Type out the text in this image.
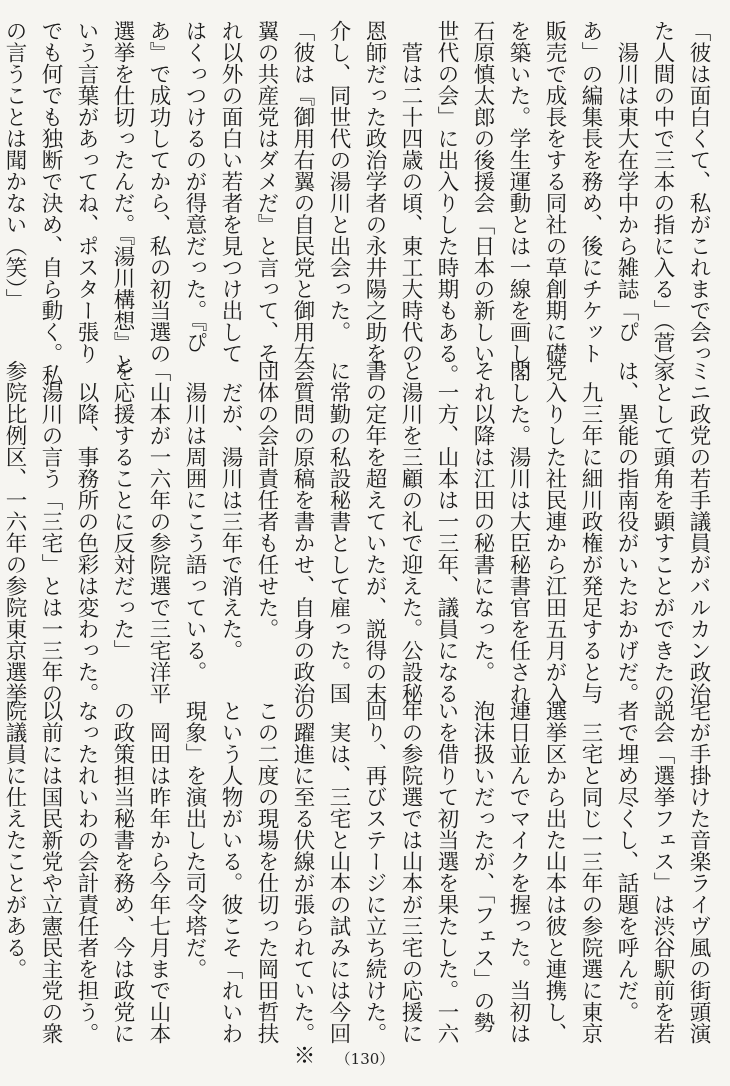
「彼は面白くて、私がこれまで会っ
た人間の中で三本の指に入る」（菅）
　湯川は東大在学中から雑誌「ぴ
あ」の編集長を務め、後にチケット
販売で成長をする同社の草創期に礎
を築いた。学生運動とは一線を画し、
石原慎太郎の後援会「日本の新しい
世代の会」に出入りした時期もある。
　菅は二十四歳の頃、東工大時代の
恩師だった政治学者の永井陽之助を
介し、同世代の湯川と出会った。
「彼は『御用右翼の自民党と御用左
翼の共産党はダメだ』と言って、そ
れ以外の面白い若者を見つけ出して
はくっつけるのが得意だった。『ぴ
あ』で成功してから、私の初当選の
選挙を仕切ったんだ。『湯川構想』と
いう言葉があってね、ポスター張り
でも何でも独断で決め、自ら動く。私
の言うことは聞かない（笑）」
ミニ政党の若手議員がバルカン政治
家として頭角を顕すことができたの
は、異能の指南役がいたおかげだ。
　九三年に細川政権が発足すると与
党入りした社民連から江田五月が入
閣した。湯川は大臣秘書官を任され、
それ以降は江田の秘書になった。
　一方、山本は一三年、議員になる
と湯川を三顧の礼で迎えた。公設秘
書の定年を超えていたが、説得の末
に常勤の私設秘書として雇った。国
会質問の原稿を書かせ、自身の政治
団体の会計責任者も任せた。
　だが、湯川は三年で消えた。
　湯川は周囲にこう語っている。
「山本が一六年の参院選で三宅洋平
を応援することに反対だった」
　以降、事務所の色彩は変わった。
　湯川の言う「三宅」とは一三年の
参院比例区、一六年の参院東京選挙
宅が手掛けた音楽ライヴ風の街頭演
説会「選挙フェス」は渋谷駅前を若
者で埋め尽くし、話題を呼んだ。
　三宅と同じ一三年の参院選に東京
選挙区から出た山本は彼と連携し、
連日並んでマイクを握った。当初は
泡沫扱いだったが、「フェス」の勢
いを借りて初当選を果たした。一六
年の参院選では山本が三宅の応援に
回り、再びステージに立ち続けた。
　実は、三宅と山本の試みには今回
の躍進に至る伏線が張られていた。※
この二度の現場を仕切った岡田哲扶
という人物がいる。彼こそ「れいわ
現象」を演出した司令塔だ。
　岡田は昨年から今年七月まで山本
の政策担当秘書を務め、今は政党に
なったれいわの会計責任者を担う。
以前には国民新党や立憲民主党の衆
院議員に仕えたことがある。
（130）
